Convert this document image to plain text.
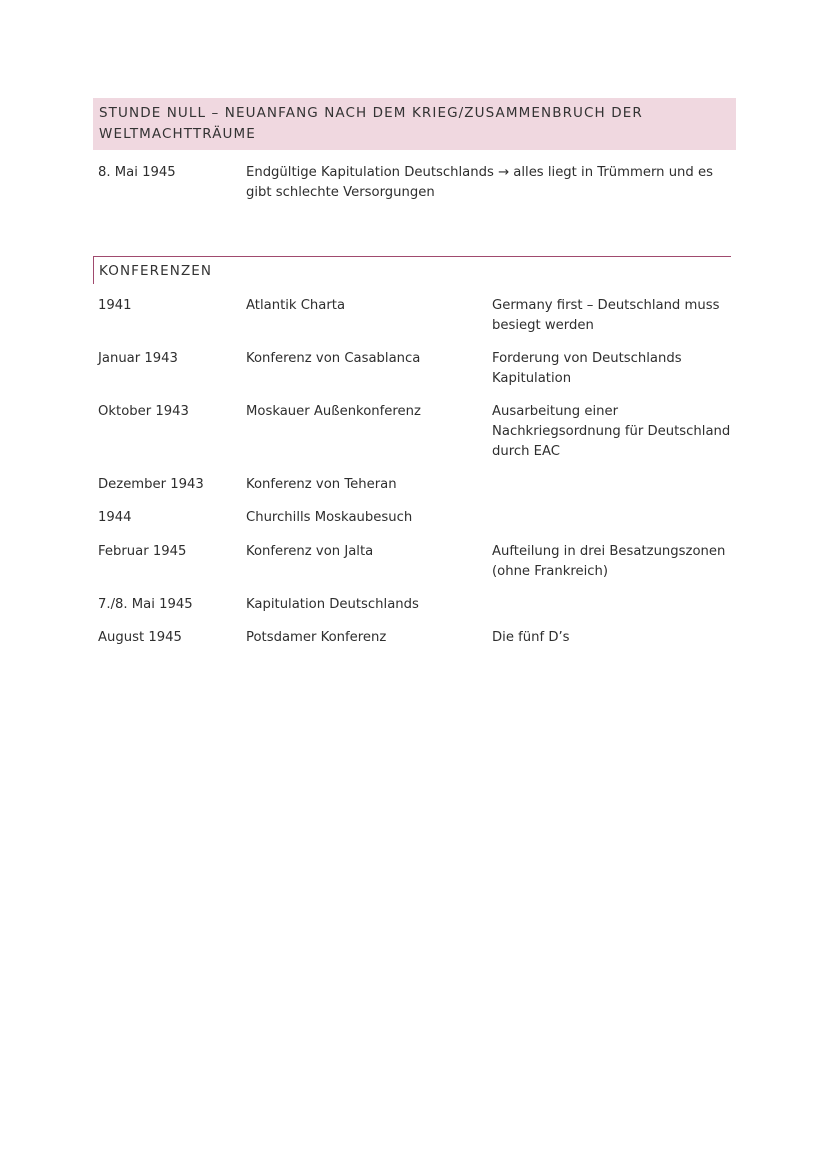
STUNDE NULL – NEUANFANG NACH DEM KRIEG/ZUSAMMENBRUCH DER WELTMACHTTRÄUME
8. Mai 1945	Endgültige Kapitulation Deutschlands → alles liegt in Trümmern und es gibt schlechte Versorgungen
KONFERENZEN
1941	Atlantik Charta	Germany first – Deutschland muss besiegt werden
Januar 1943	Konferenz von Casablanca	Forderung von Deutschlands Kapitulation
Oktober 1943	Moskauer Außenkonferenz	Ausarbeitung einer Nachkriegsordnung für Deutschland durch EAC
Dezember 1943	Konferenz von Teheran
1944	Churchills Moskaubesuch
Februar 1945	Konferenz von Jalta	Aufteilung in drei Besatzungszonen (ohne Frankreich)
7./8. Mai 1945	Kapitulation Deutschlands
August 1945	Potsdamer Konferenz	Die fünf D’s
